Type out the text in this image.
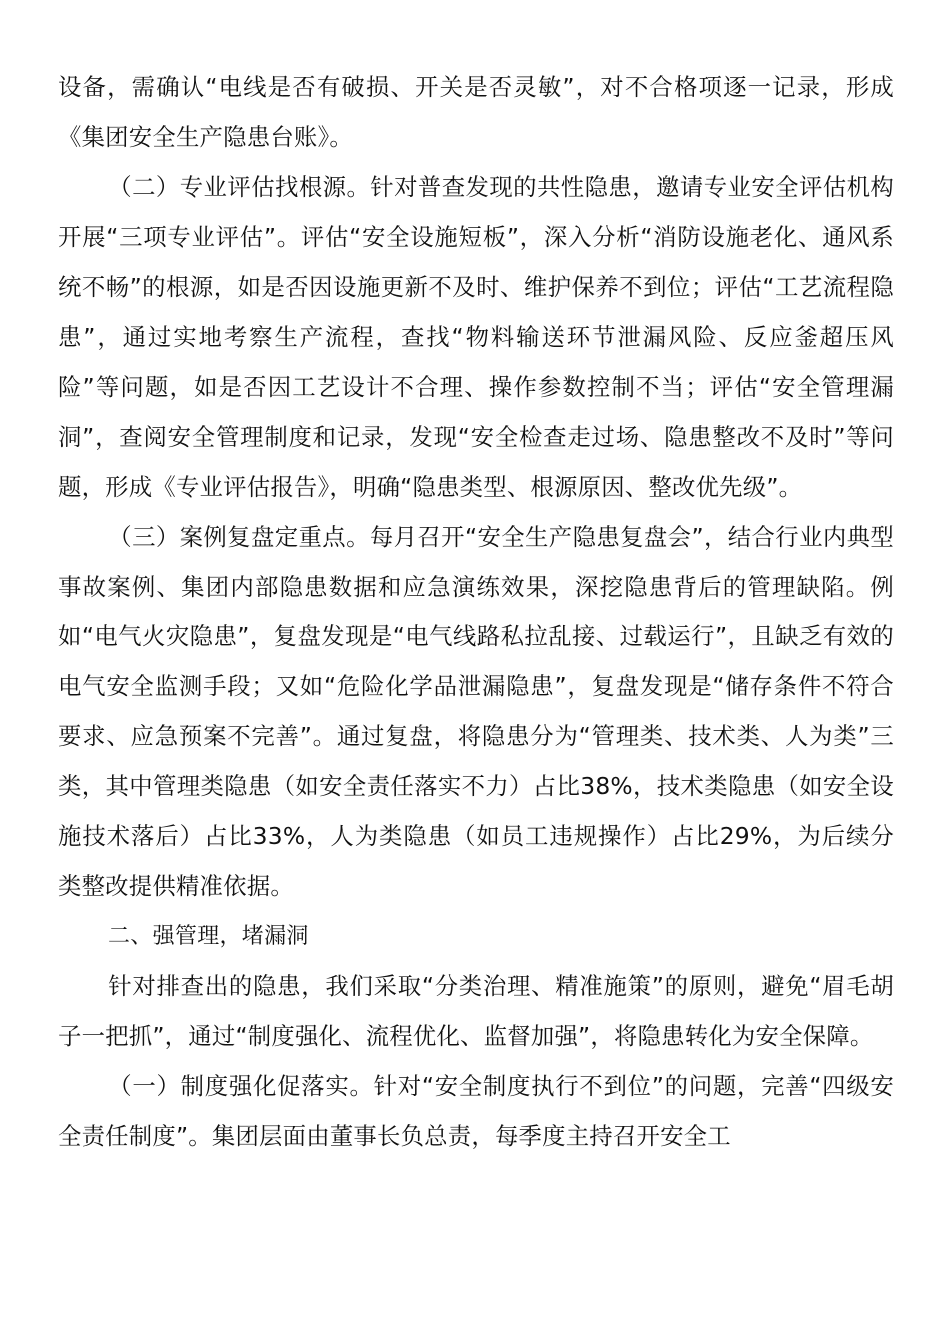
设备，需确认“电线是否有破损、开关是否灵敏”，对不合格项逐一记录，形成《集团安全生产隐患台账》。

（二）专业评估找根源。针对普查发现的共性隐患，邀请专业安全评估机构开展“三项专业评估”。评估“安全设施短板”，深入分析“消防设施老化、通风系统不畅”的根源，如是否因设施更新不及时、维护保养不到位；评估“工艺流程隐患”，通过实地考察生产流程，查找“物料输送环节泄漏风险、反应釜超压风险”等问题，如是否因工艺设计不合理、操作参数控制不当；评估“安全管理漏洞”，查阅安全管理制度和记录，发现“安全检查走过场、隐患整改不及时”等问题，形成《专业评估报告》，明确“隐患类型、根源原因、整改优先级”。

（三）案例复盘定重点。每月召开“安全生产隐患复盘会”，结合行业内典型事故案例、集团内部隐患数据和应急演练效果，深挖隐患背后的管理缺陷。例如“电气火灾隐患”，复盘发现是“电气线路私拉乱接、过载运行”，且缺乏有效的电气安全监测手段；又如“危险化学品泄漏隐患”，复盘发现是“储存条件不符合要求、应急预案不完善”。通过复盘，将隐患分为“管理类、技术类、人为类”三类，其中管理类隐患（如安全责任落实不力）占比38%，技术类隐患（如安全设施技术落后）占比33%，人为类隐患（如员工违规操作）占比29%，为后续分类整改提供精准依据。

二、强管理，堵漏洞

针对排查出的隐患，我们采取“分类治理、精准施策”的原则，避免“眉毛胡子一把抓”，通过“制度强化、流程优化、监督加强”，将隐患转化为安全保障。

（一）制度强化促落实。针对“安全制度执行不到位”的问题，完善“四级安全责任制度”。集团层面由董事长负总责，每季度主持召开安全工
